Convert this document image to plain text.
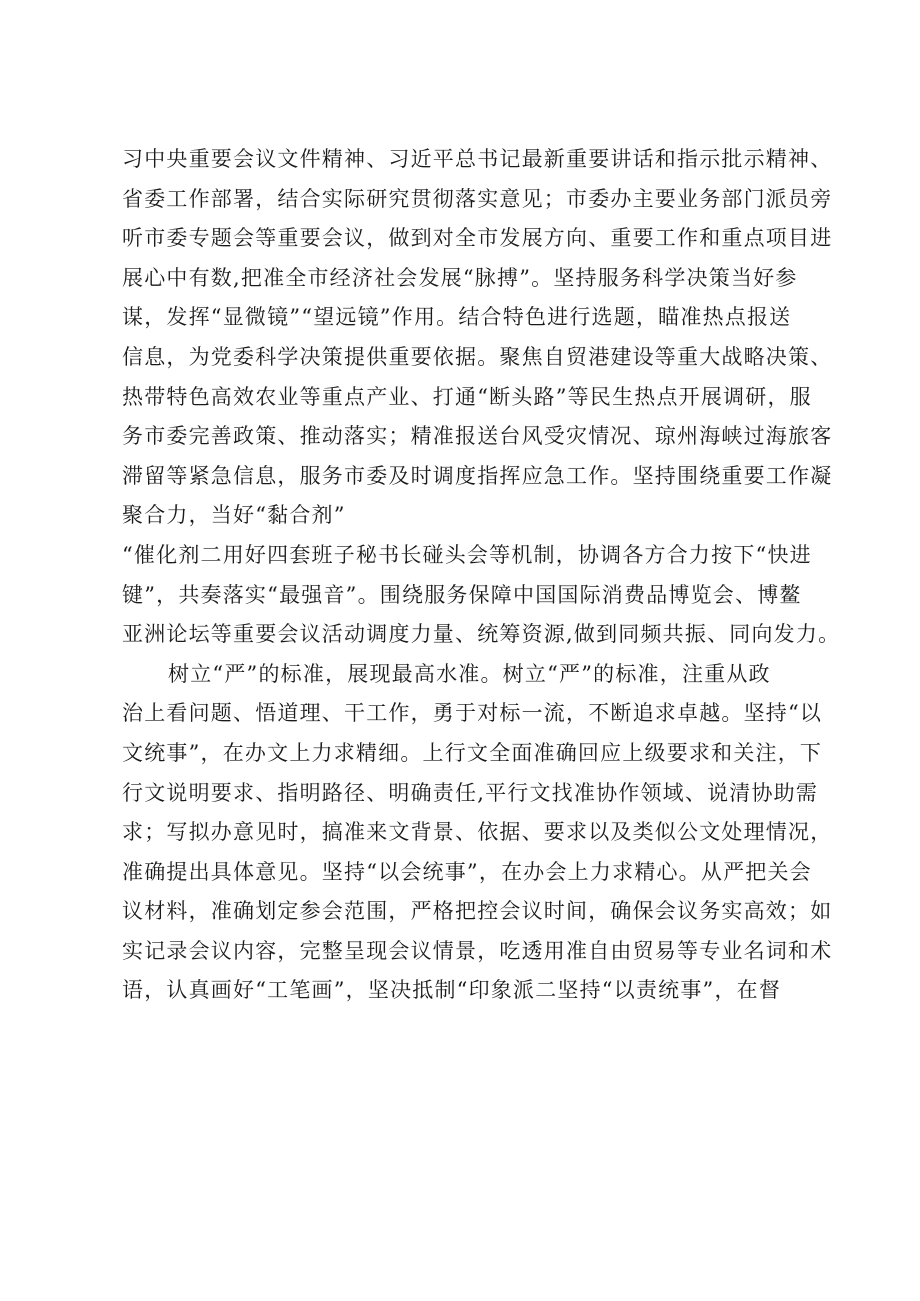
习中央重要会议文件精神、习近平总书记最新重要讲话和指示批示精神、
省委工作部署，结合实际研究贯彻落实意见；市委办主要业务部门派员旁
听市委专题会等重要会议，做到对全市发展方向、重要工作和重点项目进
展心中有数,把准全市经济社会发展“脉搏”。坚持服务科学决策当好参
谋，发挥“显微镜”“望远镜”作用。结合特色进行选题，瞄准热点报送
信息，为党委科学决策提供重要依据。聚焦自贸港建设等重大战略决策、
热带特色高效农业等重点产业、打通“断头路”等民生热点开展调研，服
务市委完善政策、推动落实；精准报送台风受灾情况、琼州海峡过海旅客
滞留等紧急信息，服务市委及时调度指挥应急工作。坚持围绕重要工作凝
聚合力，当好“黏合剂”
“催化剂二用好四套班子秘书长碰头会等机制，协调各方合力按下“快进
键”，共奏落实“最强音”。围绕服务保障中国国际消费品博览会、博鳌
亚洲论坛等重要会议活动调度力量、统筹资源,做到同频共振、同向发力。
树立“严”的标准，展现最高水准。树立“严”的标准，注重从政
治上看问题、悟道理、干工作，勇于对标一流，不断追求卓越。坚持“以
文统事”，在办文上力求精细。上行文全面准确回应上级要求和关注，下
行文说明要求、指明路径、明确责任,平行文找准协作领域、说清协助需
求；写拟办意见时，搞准来文背景、依据、要求以及类似公文处理情况，
准确提出具体意见。坚持“以会统事”，在办会上力求精心。从严把关会
议材料，准确划定参会范围，严格把控会议时间，确保会议务实高效；如
实记录会议内容，完整呈现会议情景，吃透用准自由贸易等专业名词和术
语，认真画好“工笔画”，坚决抵制“印象派二坚持“以责统事”，在督
